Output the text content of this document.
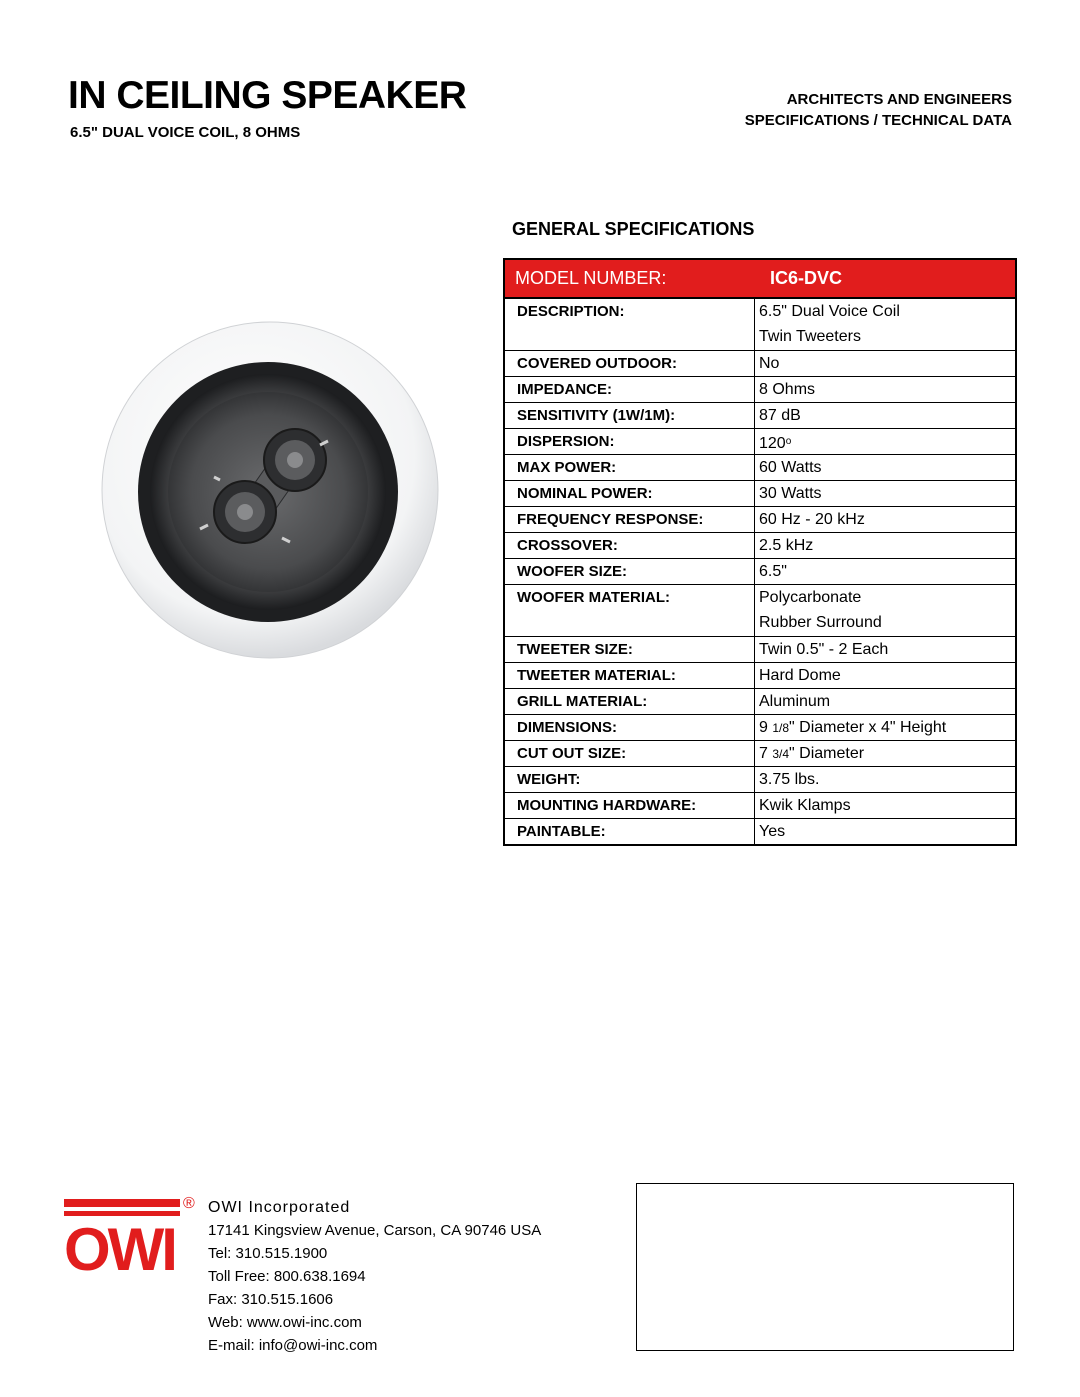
IN CEILING SPEAKER
6.5" DUAL VOICE COIL, 8 OHMS
ARCHITECTS AND ENGINEERS
SPECIFICATIONS / TECHNICAL DATA
GENERAL SPECIFICATIONS
MODEL NUMBER:	IC6-DVC
DESCRIPTION:	6.5" Dual Voice Coil
Twin Tweeters
COVERED OUTDOOR:	No
IMPEDANCE:	8 Ohms
SENSITIVITY (1W/1M):	87 dB
DISPERSION:	120$^o$
MAX POWER:	60 Watts
NOMINAL POWER:	30 Watts
FREQUENCY RESPONSE:	60 Hz - 20 kHz
CROSSOVER:	2.5 kHz
WOOFER SIZE:	6.5"
WOOFER MATERIAL:	Polycarbonate
Rubber Surround
TWEETER SIZE:	Twin 0.5" - 2 Each
TWEETER MATERIAL:	Hard Dome
GRILL MATERIAL:	Aluminum
DIMENSIONS:	9 1/8" Diameter x 4" Height
CUT OUT SIZE:	7 3/4" Diameter
WEIGHT:	3.75 lbs.
MOUNTING HARDWARE:	Kwik Klamps
PAINTABLE:	Yes
OWI
® OWI Incorporated
17141 Kingsview Avenue, Carson, CA 90746 USA
Tel: 310.515.1900
Toll Free: 800.638.1694
Fax: 310.515.1606
Web: www.owi-inc.com
E-mail: info@owi-inc.com
